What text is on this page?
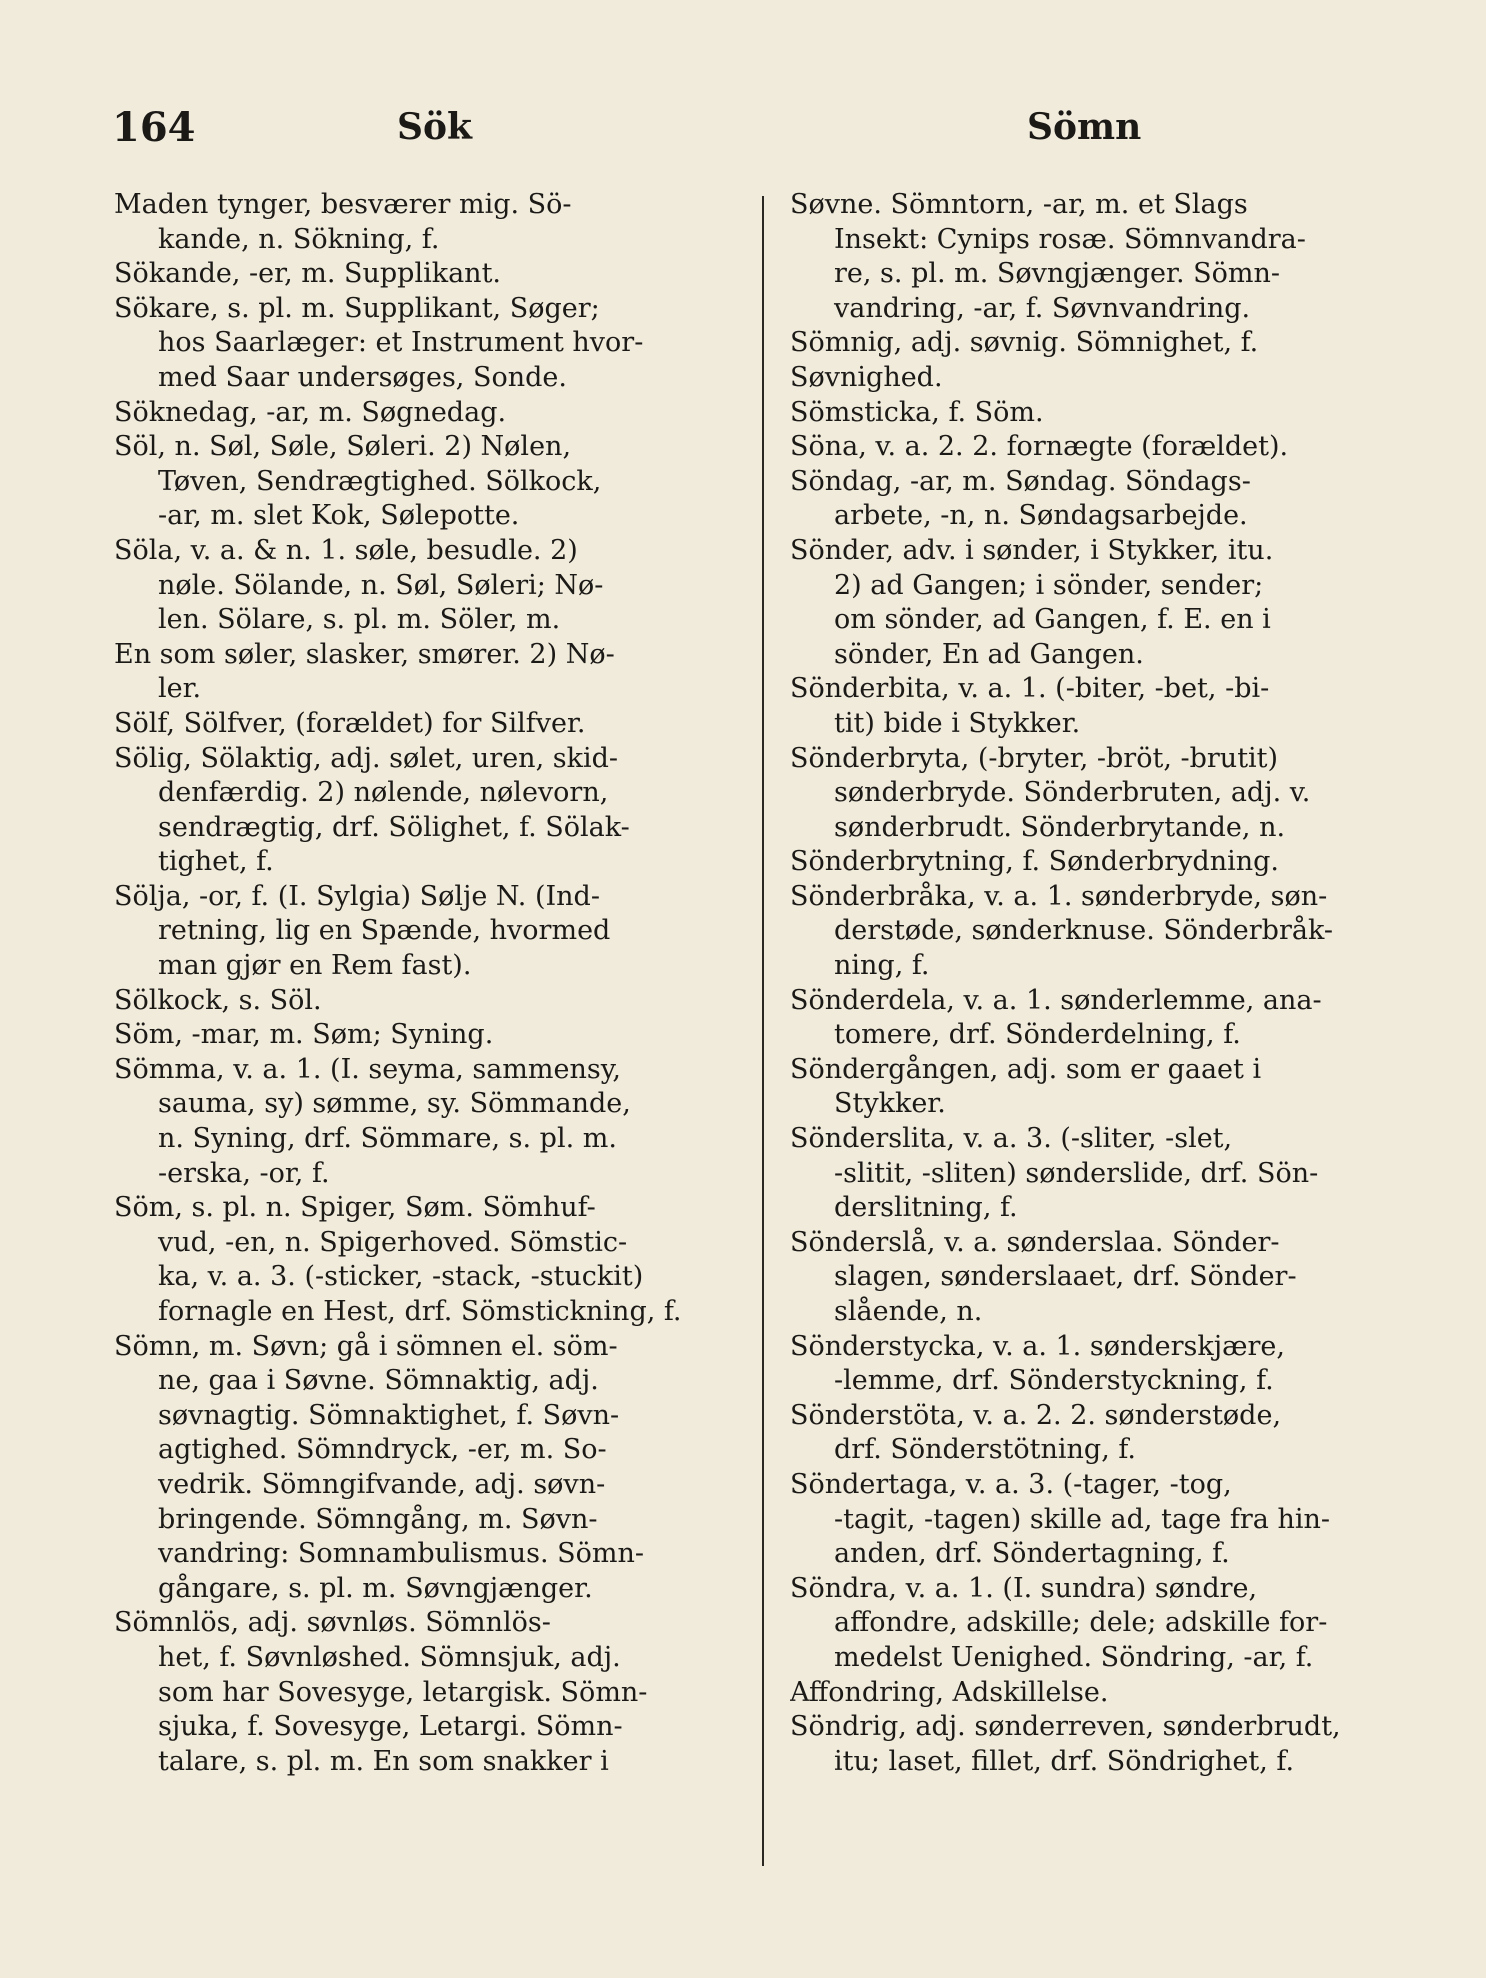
164	Sök	Sömn
Maden tynger, besværer mig. Sö-
kande, n. Sökning, f.
Sökande, -er, m. Supplikant.
Sökare, s. pl. m. Supplikant, Søger;
hos Saarlæger: et Instrument hvor-
med Saar undersøges, Sonde.
Söknedag, -ar, m. Søgnedag.
Söl, n. Søl, Søle, Søleri. 2) Nølen,
Tøven, Sendrægtighed. Sölkock,
-ar, m. slet Kok, Sølepotte.
Söla, v. a. & n. 1. søle, besudle. 2)
nøle. Sölande, n. Søl, Søleri; Nø-
len. Sölare, s. pl. m. Söler, m.
En som søler, slasker, smører. 2) Nø-
ler.
Sölf, Sölfver, (forældet) for Silfver.
Sölig, Sölaktig, adj. sølet, uren, skid-
denfærdig. 2) nølende, nølevorn,
sendrægtig, drf. Sölighet, f. Sölak-
tighet, f.
Sölja, -or, f. (I. Sylgia) Sølje N. (Ind-
retning, lig en Spænde, hvormed
man gjør en Rem fast).
Sölkock, s. Söl.
Söm, -mar, m. Søm; Syning.
Sömma, v. a. 1. (I. seyma, sammensy,
sauma, sy) sømme, sy. Sömmande,
n. Syning, drf. Sömmare, s. pl. m.
-erska, -or, f.
Söm, s. pl. n. Spiger, Søm. Sömhuf-
vud, -en, n. Spigerhoved. Sömstic-
ka, v. a. 3. (-sticker, -stack, -stuckit)
fornagle en Hest, drf. Sömstickning, f.
Sömn, m. Søvn; gå i sömnen el. söm-
ne, gaa i Søvne. Sömnaktig, adj.
søvnagtig. Sömnaktighet, f. Søvn-
agtighed. Sömndryck, -er, m. So-
vedrik. Sömngifvande, adj. søvn-
bringende. Sömngång, m. Søvn-
vandring: Somnambulismus. Sömn-
gångare, s. pl. m. Søvngjænger.
Sömnlös, adj. søvnløs. Sömnlös-
het, f. Søvnløshed. Sömnsjuk, adj.
som har Sovesyge, letargisk. Sömn-
sjuka, f. Sovesyge, Letargi. Sömn-
talare, s. pl. m. En som snakker i
Søvne. Sömntorn, -ar, m. et Slags
Insekt: Cynips rosæ. Sömnvandra-
re, s. pl. m. Søvngjænger. Sömn-
vandring, -ar, f. Søvnvandring.
Sömnig, adj. søvnig. Sömnighet, f.
Søvnighed.
Sömsticka, f. Söm.
Söna, v. a. 2. 2. fornægte (forældet).
Söndag, -ar, m. Søndag. Söndags-
arbete, -n, n. Søndagsarbejde.
Sönder, adv. i sønder, i Stykker, itu.
2) ad Gangen; i sönder, sender;
om sönder, ad Gangen, f. E. en i
sönder, En ad Gangen.
Sönderbita, v. a. 1. (-biter, -bet, -bi-
tit) bide i Stykker.
Sönderbryta, (-bryter, -bröt, -brutit)
sønderbryde. Sönderbruten, adj. v.
sønderbrudt. Sönderbrytande, n.
Sönderbrytning, f. Sønderbrydning.
Sönderbråka, v. a. 1. sønderbryde, søn-
derstøde, sønderknuse. Sönderbråk-
ning, f.
Sönderdela, v. a. 1. sønderlemme, ana-
tomere, drf. Sönderdelning, f.
Söndergången, adj. som er gaaet i
Stykker.
Sönderslita, v. a. 3. (-sliter, -slet,
-slitit, -sliten) sønderslide, drf. Sön-
derslitning, f.
Sönderslå, v. a. sønderslaa. Sönder-
slagen, sønderslaaet, drf. Sönder-
slående, n.
Sönderstycka, v. a. 1. sønderskjære,
-lemme, drf. Sönderstyckning, f.
Sönderstöta, v. a. 2. 2. sønderstøde,
drf. Sönderstötning, f.
Söndertaga, v. a. 3. (-tager, -tog,
-tagit, -tagen) skille ad, tage fra hin-
anden, drf. Söndertagning, f.
Söndra, v. a. 1. (I. sundra) søndre,
affondre, adskille; dele; adskille for-
medelst Uenighed. Söndring, -ar, f.
Affondring, Adskillelse.
Söndrig, adj. sønderreven, sønderbrudt,
itu; laset, fillet, drf. Söndrighet, f.
